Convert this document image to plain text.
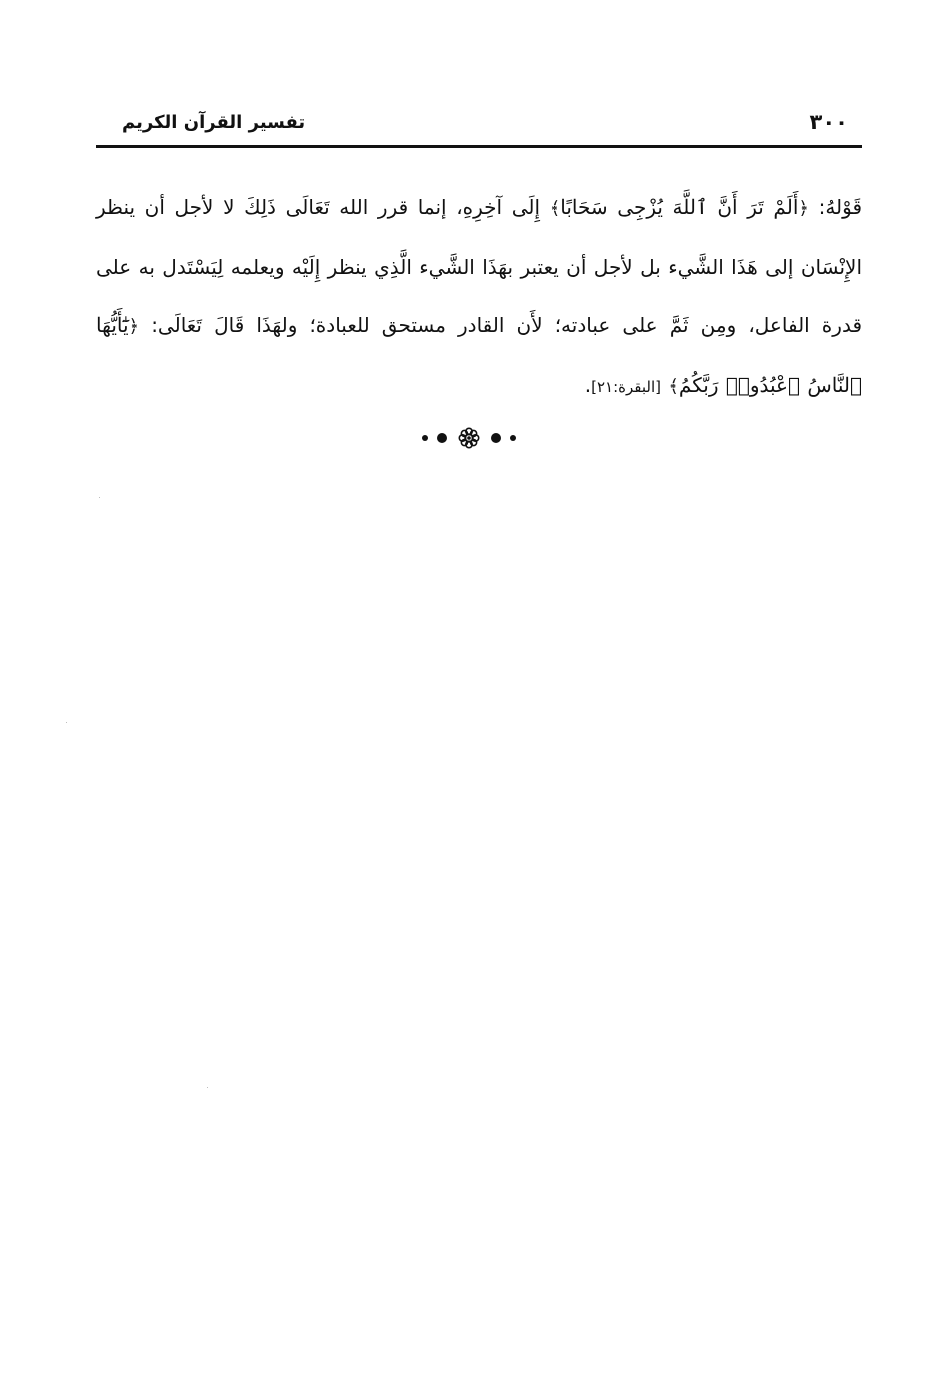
٣٠٠
تفسير القرآن الكريم

قَوْلهُ: ﴿أَلَمْ تَرَ أَنَّ ٱللَّهَ يُزْجِى سَحَابًا﴾ إِلَى آخِرِهِ، إنما قرر الله تَعَالَى ذَلِكَ لا لأجل أن ينظر الإِنْسَان إلى هَذَا الشَّيء بل لأجل أن يعتبر بهَذَا الشَّيء الَّذِي ينظر إِلَيْه ويعلمه لِيَسْتَدل به على قدرة الفاعل، ومِن ثَمَّ على عبادته؛ لأَن القادر مستحق للعبادة؛ ولهَذَا قَالَ تَعَالَى: ﴿يَٰٓأَيُّهَا ٱلنَّاسُ ٱعْبُدُوا۟ رَبَّكُمُ﴾ [البقرة:٢١].
